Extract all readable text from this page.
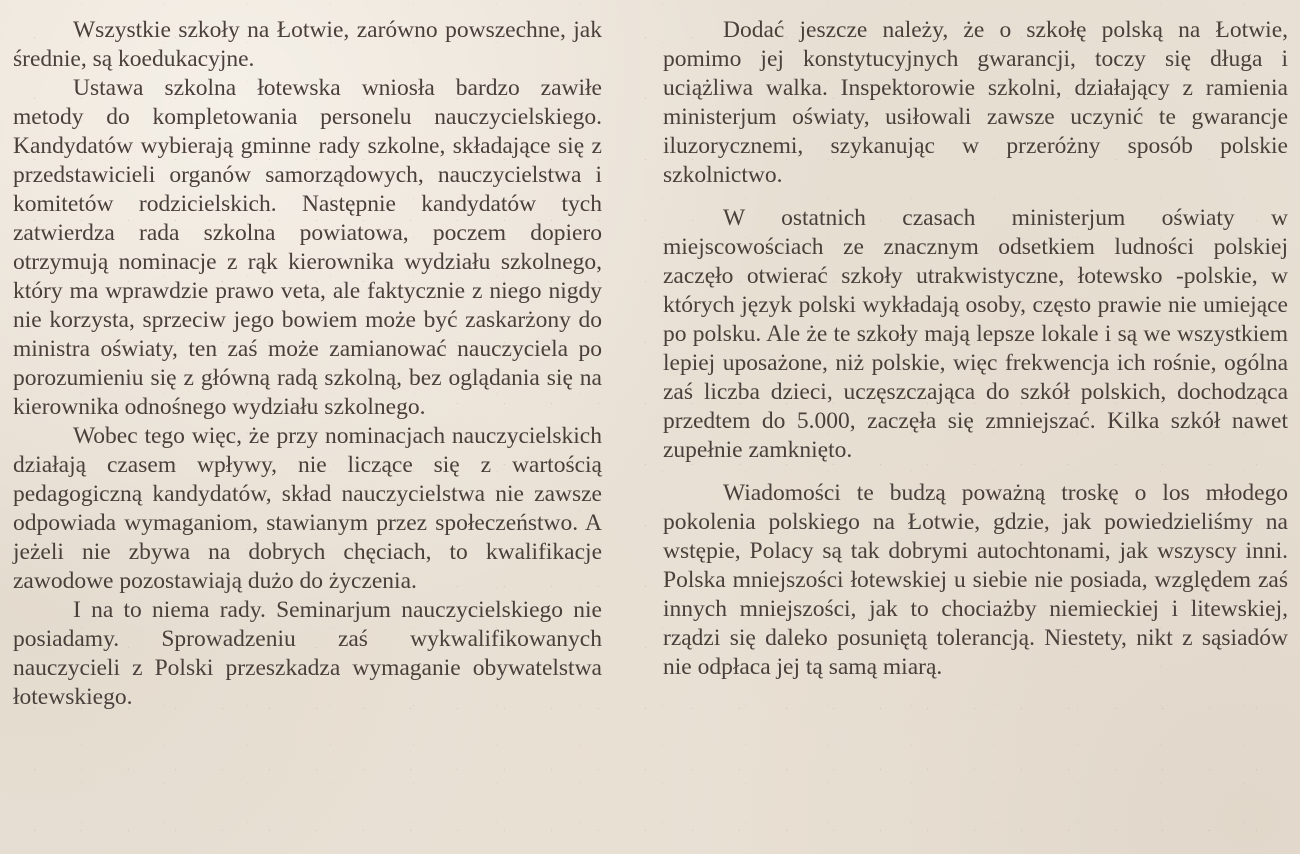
Wszystkie szkoły na Łotwie, zarówno powszechne, jak średnie, są koedukacyjne.

Ustawa szkolna łotewska wniosła bardzo zawiłe metody do kompletowania personelu nauczycielskiego. Kandydatów wybierają gminne rady szkolne, składające się z przedstawicieli organów samorządowych, nauczycielstwa i komitetów rodzicielskich. Następnie kandydatów tych zatwierdza rada szkolna powiatowa, poczem dopiero otrzymują nominacje z rąk kierownika wydziału szkolnego, który ma wprawdzie prawo veta, ale faktycznie z niego nigdy nie korzysta, sprzeciw jego bowiem może być zaskarżony do ministra oświaty, ten zaś może zamianować nauczyciela po porozumieniu się z główną radą szkolną, bez oglądania się na kierownika odnośnego wydziału szkolnego.

Wobec tego więc, że przy nominacjach nauczycielskich działają czasem wpływy, nie liczące się z wartością pedagogiczną kandydatów, skład nauczycielstwa nie zawsze odpowiada wymaganiom, stawianym przez społeczeństwo. A jeżeli nie zbywa na dobrych chęciach, to kwalifikacje zawodowe pozostawiają dużo do życzenia.

I na to niema rady. Seminarjum nauczycielskiego nie posiadamy. Sprowadzeniu zaś wykwalifikowanych nauczycieli z Polski przeszkadza wymaganie obywatelstwa łotewskiego.

Dodać jeszcze należy, że o szkołę polską na Łotwie, pomimo jej konstytucyjnych gwarancji, toczy się długa i uciążliwa walka. Inspektorowie szkolni, działający z ramienia ministerjum oświaty, usiłowali zawsze uczynić te gwarancje iluzorycznemi, szykanując w przeróżny sposób polskie szkolnictwo.

W ostatnich czasach ministerjum oświaty w miejscowościach ze znacznym odsetkiem ludności polskiej zaczęło otwierać szkoły utrakwistyczne, łotewsko -polskie, w których język polski wykładają osoby, często prawie nie umiejące po polsku. Ale że te szkoły mają lepsze lokale i są we wszystkiem lepiej uposażone, niż polskie, więc frekwencja ich rośnie, ogólna zaś liczba dzieci, uczęszczająca do szkół polskich, dochodząca przedtem do 5.000, zaczęła się zmniejszać. Kilka szkół nawet zupełnie zamknięto.

Wiadomości te budzą poważną troskę o los młodego pokolenia polskiego na Łotwie, gdzie, jak powiedzieliśmy na wstępie, Polacy są tak dobrymi autochtonami, jak wszyscy inni. Polska mniejszości łotewskiej u siebie nie posiada, względem zaś innych mniejszości, jak to chociażby niemieckiej i litewskiej, rządzi się daleko posuniętą tolerancją. Niestety, nikt z sąsiadów nie odpłaca jej tą samą miarą.
